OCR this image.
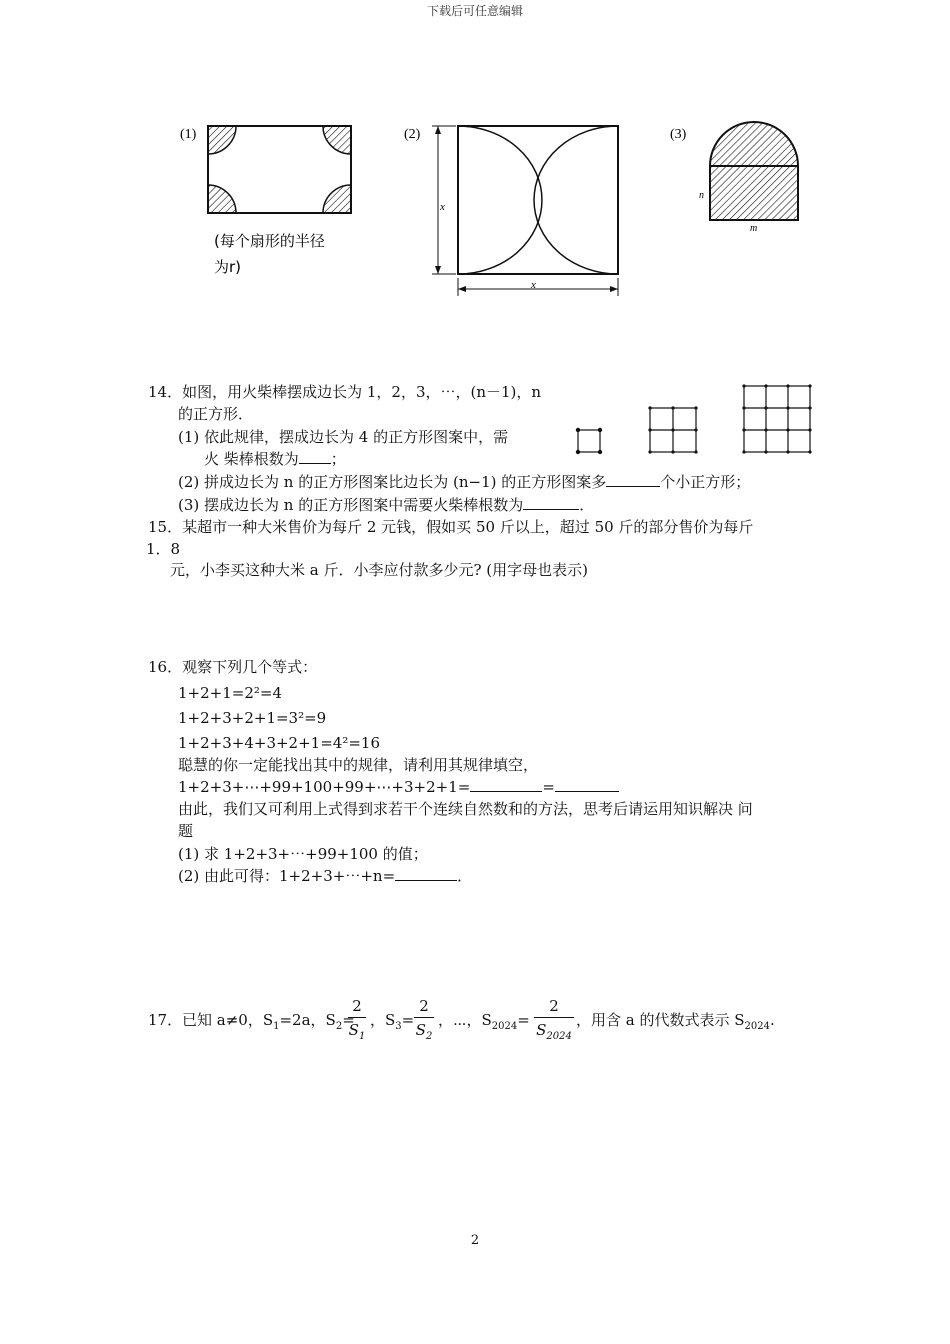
下载后可任意编辑
(1)
(每个扇形的半径
为r)
(2)
x
x
(3)
n
m
14．如图，用火柴棒摆成边长为 1，2，3，⋯，(n－1)，n
的正方形．
(1) 依此规律，摆成边长为 4 的正方形图案中，需
火 柴棒根数为 ；
(2) 拼成边长为 n 的正方形图案比边长为 (n−1) 的正方形图案多	个小正方形；
(3) 摆成边长为 n 的正方形图案中需要火柴棒根数为	．
15．某超市一种大米售价为每斤 2 元钱，假如买 50 斤以上，超过 50 斤的部分售价为每斤
1．8
元，小李买这种大米 a 斤．小李应付款多少元? (用字母也表示)
16．观察下列几个等式：
1+2+1=2²=4
1+2+3+2+1=3²=9
1+2+3+4+3+2+1=4²=16
聪慧的你一定能找出其中的规律，请利用其规律填空，
1+2+3+⋯+99+100+99+⋯+3+2+1=	=
由此，我们又可利用上式得到求若干个连续自然数和的方法，思考后请运用知识解决 问
题
(1) 求 1+2+3+⋯+99+100 的值；
(2) 由此可得：1+2+3+⋯+n=	．
17． 已知 a≠0，$S_1=2a$，$S_2=$
2
$S_1$
，$S_3=$
2
$S_2$
，⋯，$S_{2024}=$
2
$S_{2024}$
，用含 a 的代数式表示 $S_{2024}$.
2
